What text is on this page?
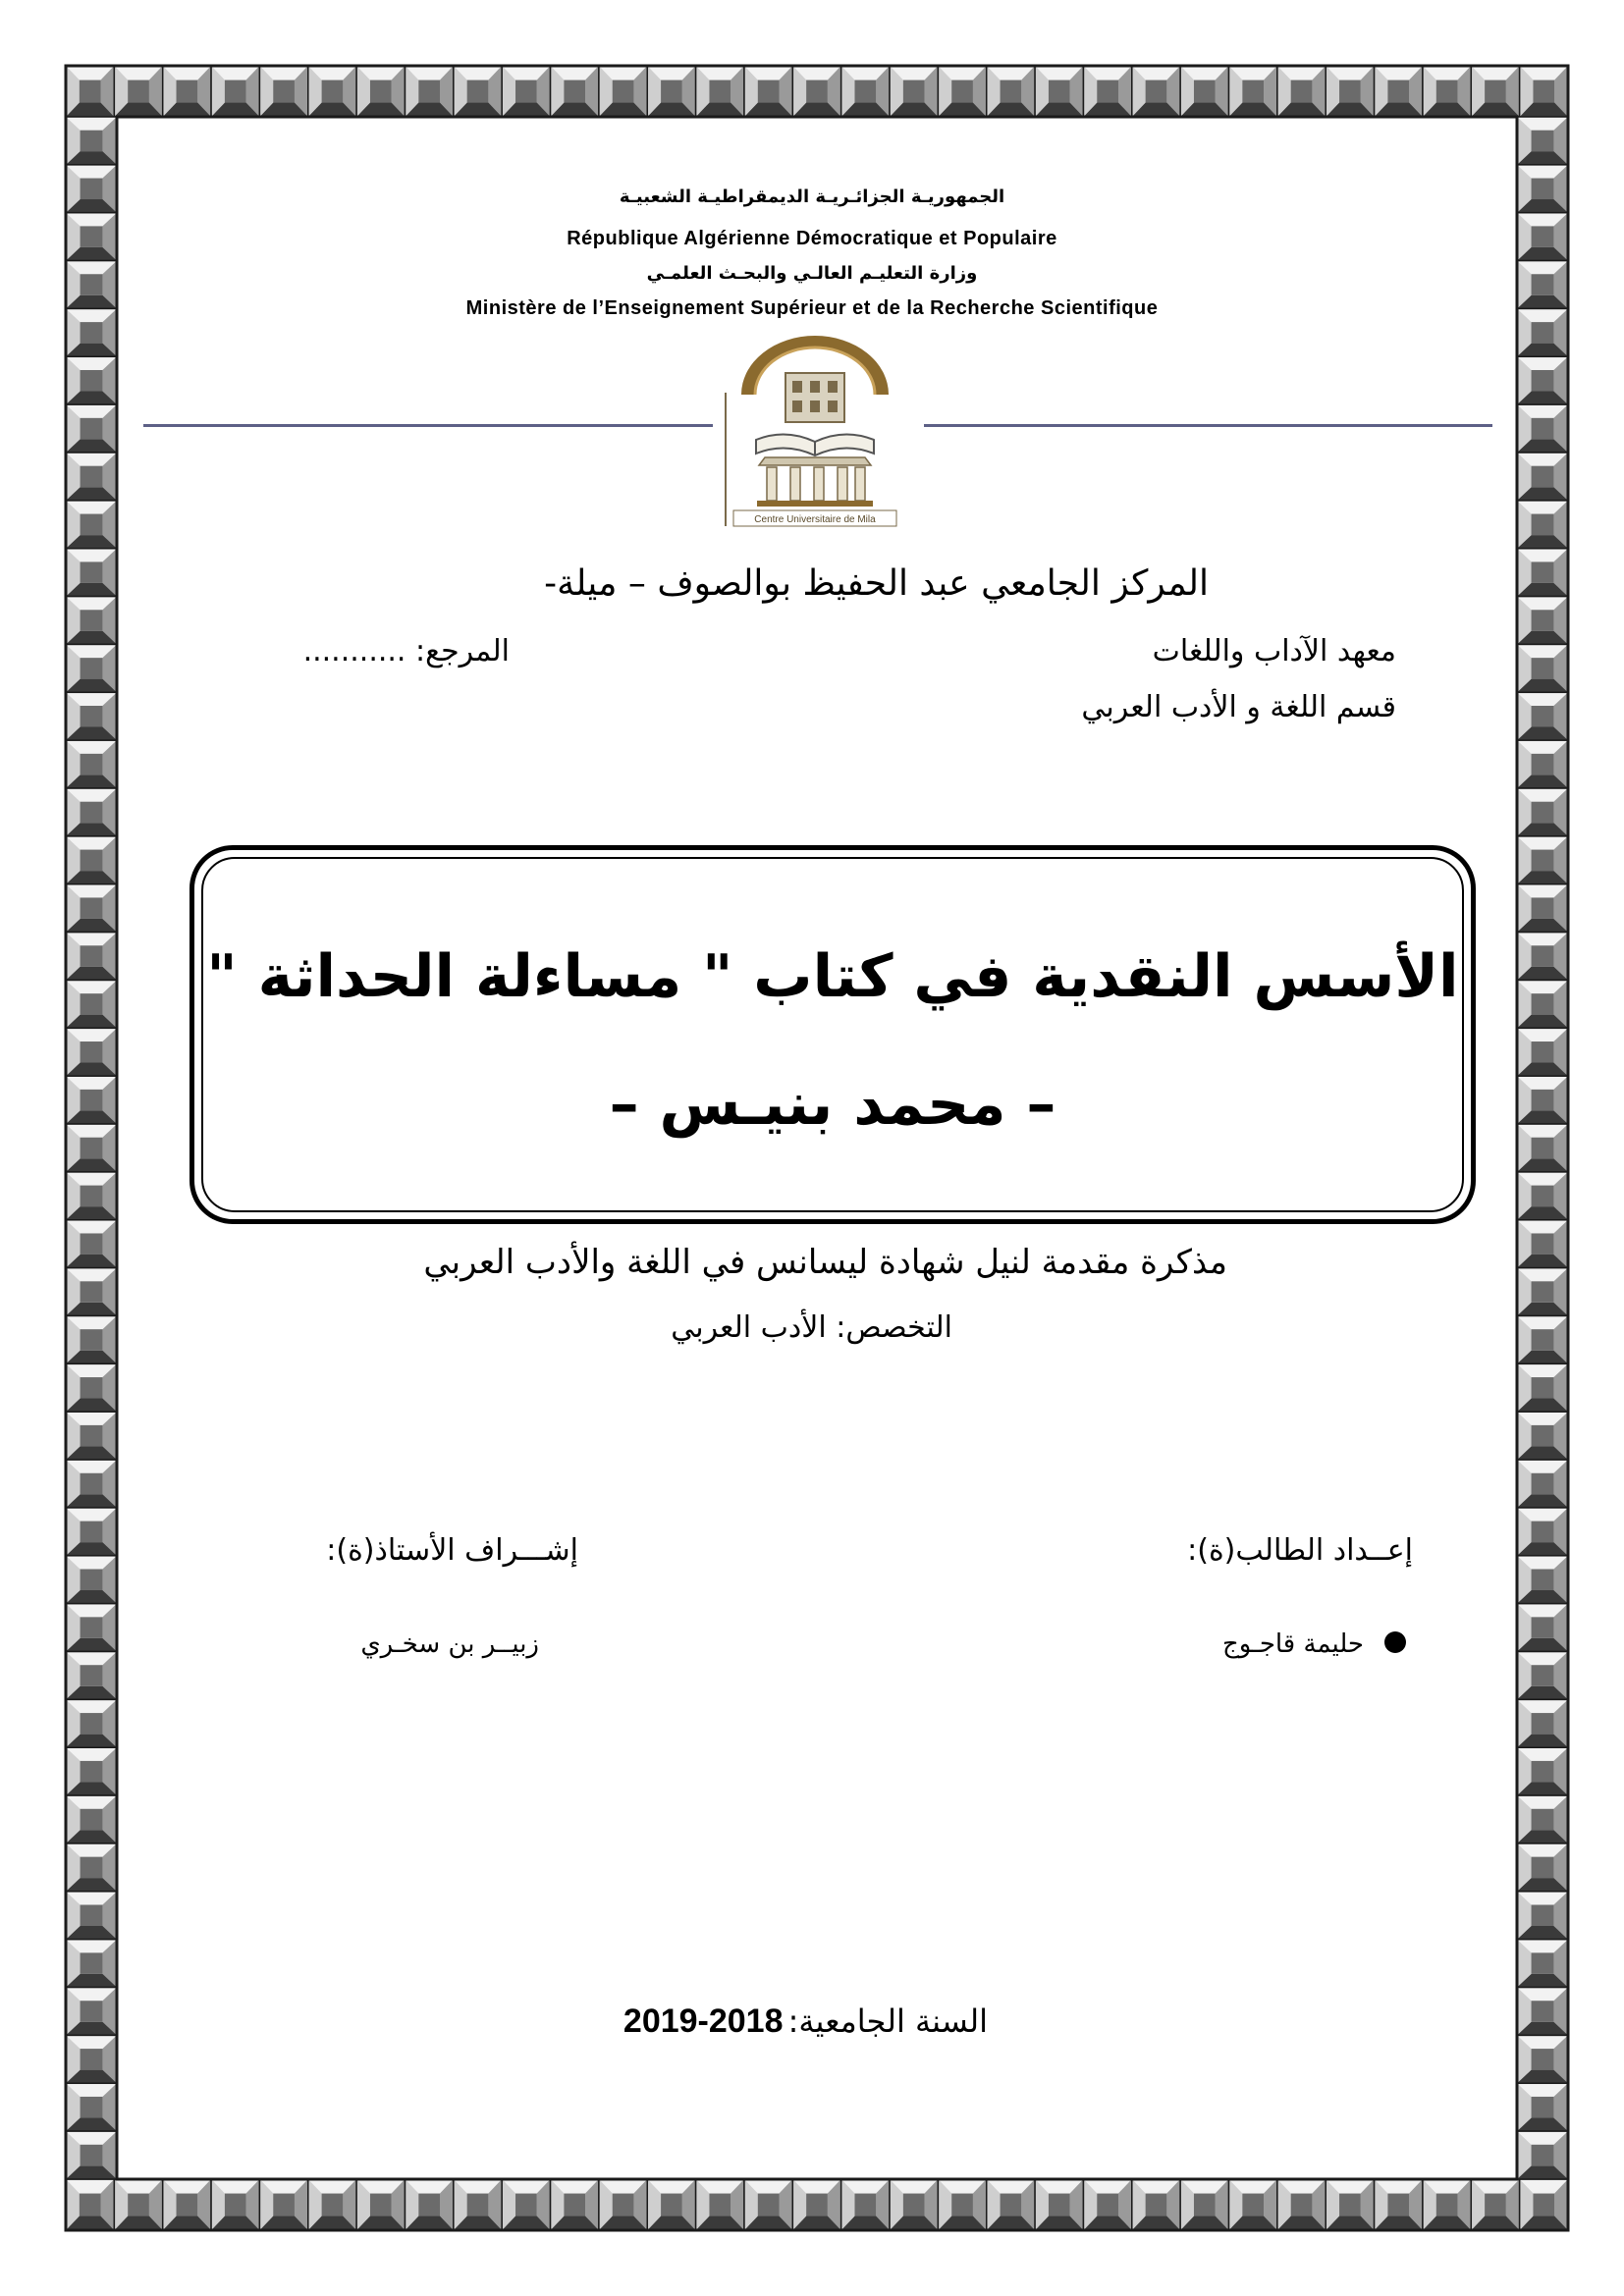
الجمهوريـة الجزائـريـة الديمقراطيـة الشعبيـة
République Algérienne Démocratique et Populaire
وزارة التعليـم العالـي والبحـث العلمـي
Ministère de l’Enseignement Supérieur et de la Recherche Scientifique
Centre Universitaire de Mila
المركز الجامعي عبد الحفيظ بوالصوف – ميلة-
معهد الآداب واللغات
المرجع: ...........
قسم اللغة و الأدب العربي
الأسس النقدية في كتاب " مساءلة الحداثة "
– محمد بنيـس –
مذكرة مقدمة لنيل شهادة ليسانس في اللغة والأدب العربي
التخصص: الأدب العربي
إعــداد الطالب(ة):
إشـــراف الأستاذ(ة):
حليمة قاجـوج
زبيــر بن سخـري
السنة الجامعية: 2019-2018
